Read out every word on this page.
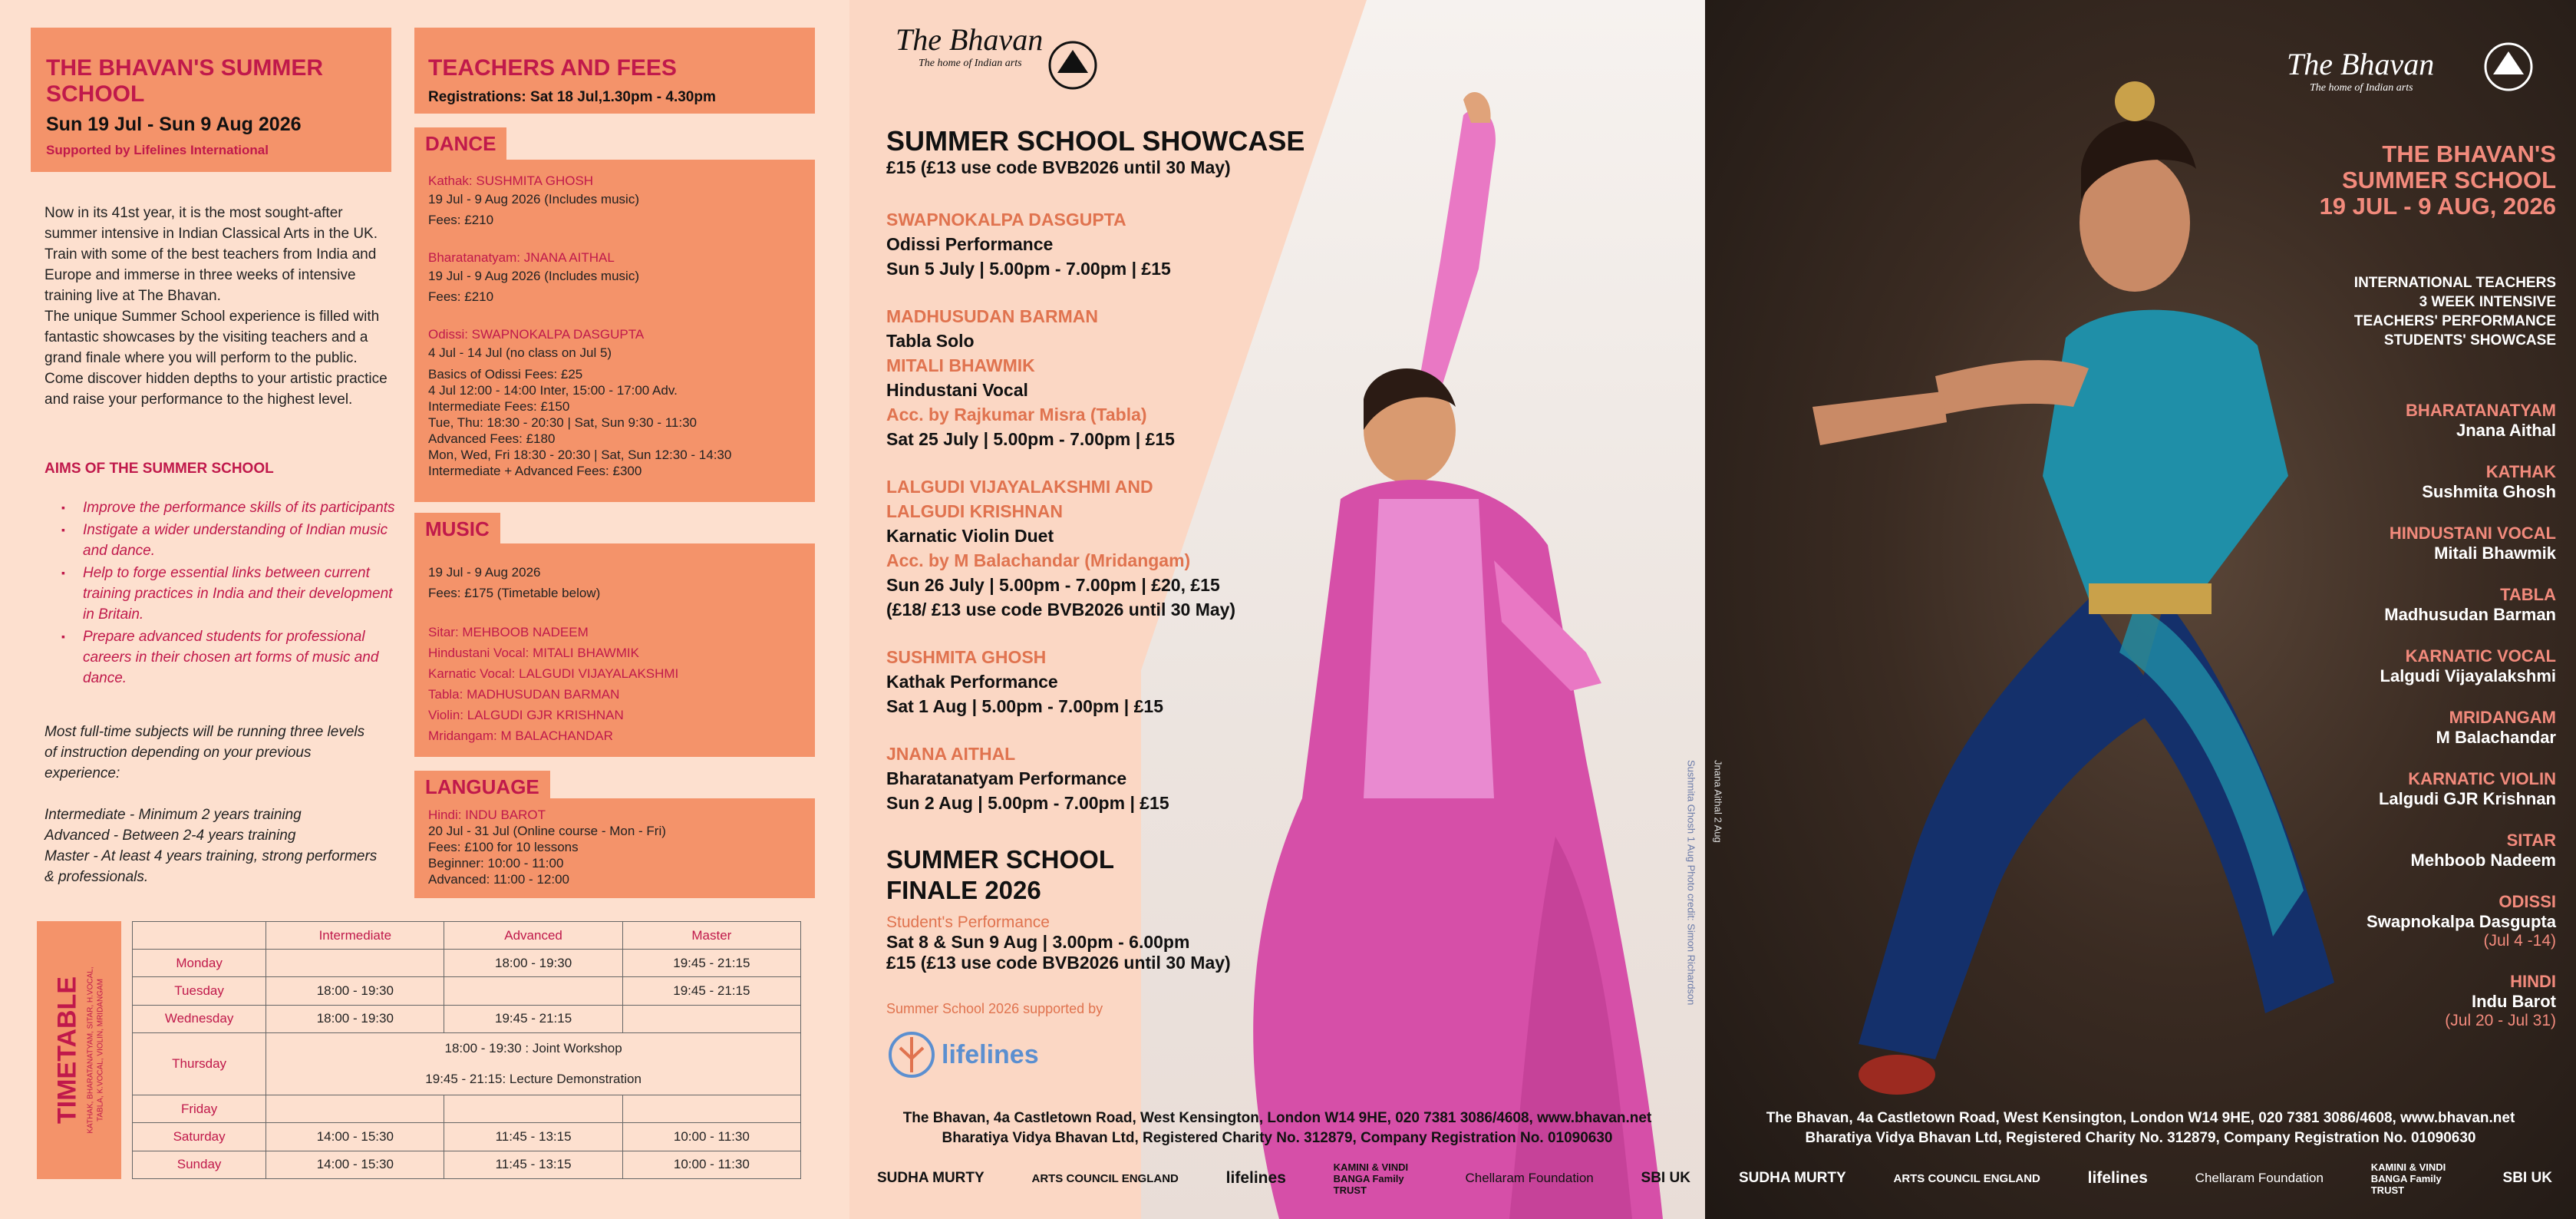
THE BHAVAN'S SUMMER SCHOOL
Sun 19 Jul - Sun 9 Aug 2026
Supported by Lifelines International
Now in its 41st year, it is the most sought-after summer intensive in Indian Classical Arts in the UK. Train with some of the best teachers from India and Europe and immerse in three weeks of intensive training live at The Bhavan.
The unique Summer School experience is filled with fantastic showcases by the visiting teachers and a grand finale where you will perform to the public. Come discover hidden depths to your artistic practice and raise your performance to the highest level.
AIMS OF THE SUMMER SCHOOL
▪ Improve the performance skills of its participants
▪ Instigate a wider understanding of Indian music and dance.
▪ Help to forge essential links between current training practices in India and their development in Britain.
▪ Prepare advanced students for professional careers in their chosen art forms of music and dance.
Most full-time subjects will be running three levels of instruction depending on your previous experience:
Intermediate - Minimum 2 years training
Advanced - Between 2-4 years training
Master - At least 4 years training, strong performers & professionals.
TEACHERS AND FEES
Registrations: Sat 18 Jul,1.30pm - 4.30pm
DANCE
Kathak: SUSHMITA GHOSH
19 Jul - 9 Aug 2026 (Includes music)
Fees: £210
Bharatanatyam: JNANA AITHAL
19 Jul - 9 Aug 2026 (Includes music)
Fees: £210
Odissi: SWAPNOKALPA DASGUPTA
4 Jul - 14 Jul (no class on Jul 5)
Basics of Odissi Fees: £25
4 Jul 12:00 - 14:00 Inter, 15:00 - 17:00 Adv.
Intermediate Fees: £150
Tue, Thu: 18:30 - 20:30 | Sat, Sun 9:30 - 11:30
Advanced Fees: £180
Mon, Wed, Fri 18:30 - 20:30 | Sat, Sun 12:30 - 14:30
Intermediate + Advanced Fees: £300
MUSIC
19 Jul - 9 Aug 2026
Fees: £175 (Timetable below)
Sitar: MEHBOOB NADEEM
Hindustani Vocal: MITALI BHAWMIK
Karnatic Vocal: LALGUDI VIJAYALAKSHMI
Tabla: MADHUSUDAN BARMAN
Violin: LALGUDI GJR KRISHNAN
Mridangam: M BALACHANDAR
LANGUAGE
Hindi: INDU BAROT
20 Jul - 31 Jul (Online course - Mon - Fri)
Fees: £100 for 10 lessons
Beginner: 10:00 - 11:00
Advanced: 11:00 - 12:00
TIMETABLE KATHAK, BHARATANATYAM, SITAR, H.VOCAL, TABLA, K.VOCAL, VIOLIN, MRIDANGAM
	Intermediate	Advanced	Master
Monday		18:00 - 19:30	19:45 - 21:15
Tuesday	18:00 - 19:30		19:45 - 21:15
Wednesday	18:00 - 19:30	19:45 - 21:15	
Thursday	18:00 - 19:30 : Joint Workshop
19:45 - 21:15: Lecture Demonstration		

Friday			
Saturday	14:00 - 15:30	11:45 - 13:15	10:00 - 11:30
Sunday	14:00 - 15:30	11:45 - 13:15	10:00 - 11:30
The Bhavan
The home of Indian arts
SUMMER SCHOOL SHOWCASE
£15 (£13 use code BVB2026 until 30 May)
SWAPNOKALPA DASGUPTA
Odissi Performance
Sun 5 July | 5.00pm - 7.00pm | £15
MADHUSUDAN BARMAN
Tabla Solo
MITALI BHAWMIK
Hindustani Vocal
Acc. by Rajkumar Misra (Tabla)
Sat 25 July | 5.00pm - 7.00pm | £15
LALGUDI VIJAYALAKSHMI AND
LALGUDI KRISHNAN
Karnatic Violin Duet
Acc. by M Balachandar (Mridangam)
Sun 26 July | 5.00pm - 7.00pm | £20, £15
(£18/ £13 use code BVB2026 until 30 May)
SUSHMITA GHOSH
Kathak Performance
Sat 1 Aug | 5.00pm - 7.00pm | £15
JNANA AITHAL
Bharatanatyam Performance
Sun 2 Aug | 5.00pm - 7.00pm | £15
SUMMER SCHOOL
FINALE 2026
Student's Performance
Sat 8 & Sun 9 Aug | 3.00pm - 6.00pm
£15 (£13 use code BVB2026 until 30 May)
Summer School 2026 supported by
lifelines
Sushmita Ghosh 1 Aug Photo credit: Simon Richardson
The Bhavan, 4a Castletown Road, West Kensington, London W14 9HE, 020 7381 3086/4608, www.bhavan.net
Bharatiya Vidya Bhavan Ltd, Registered Charity No. 312879, Company Registration No. 01090630
SUDHA MURTY	ARTS COUNCIL ENGLAND	lifelines
KAMINI & VINDI BANGA Family TRUST
Chellaram Foundation	SBI UK
The Bhavan
The home of Indian arts
THE BHAVAN'S
SUMMER SCHOOL
19 JUL - 9 AUG, 2026
INTERNATIONAL TEACHERS
3 WEEK INTENSIVE
TEACHERS' PERFORMANCE
STUDENTS' SHOWCASE
Jnana Aithal 2 Aug
BHARATANATYAM
Jnana Aithal
KATHAK
Sushmita Ghosh
HINDUSTANI VOCAL
Mitali Bhawmik
TABLA
Madhusudan Barman
KARNATIC VOCAL
Lalgudi Vijayalakshmi
MRIDANGAM
M Balachandar
KARNATIC VIOLIN
Lalgudi GJR Krishnan
SITAR
Mehboob Nadeem
ODISSI
Swapnokalpa Dasgupta
(Jul 4 -14)
HINDI
Indu Barot
(Jul 20 - Jul 31)
The Bhavan, 4a Castletown Road, West Kensington, London W14 9HE, 020 7381 3086/4608, www.bhavan.net
Bharatiya Vidya Bhavan Ltd, Registered Charity No. 312879, Company Registration No. 01090630
SUDHA MURTY	ARTS COUNCIL ENGLAND	lifelines	Chellaram Foundation
KAMINI & VINDI BANGA Family TRUST
SBI UK
